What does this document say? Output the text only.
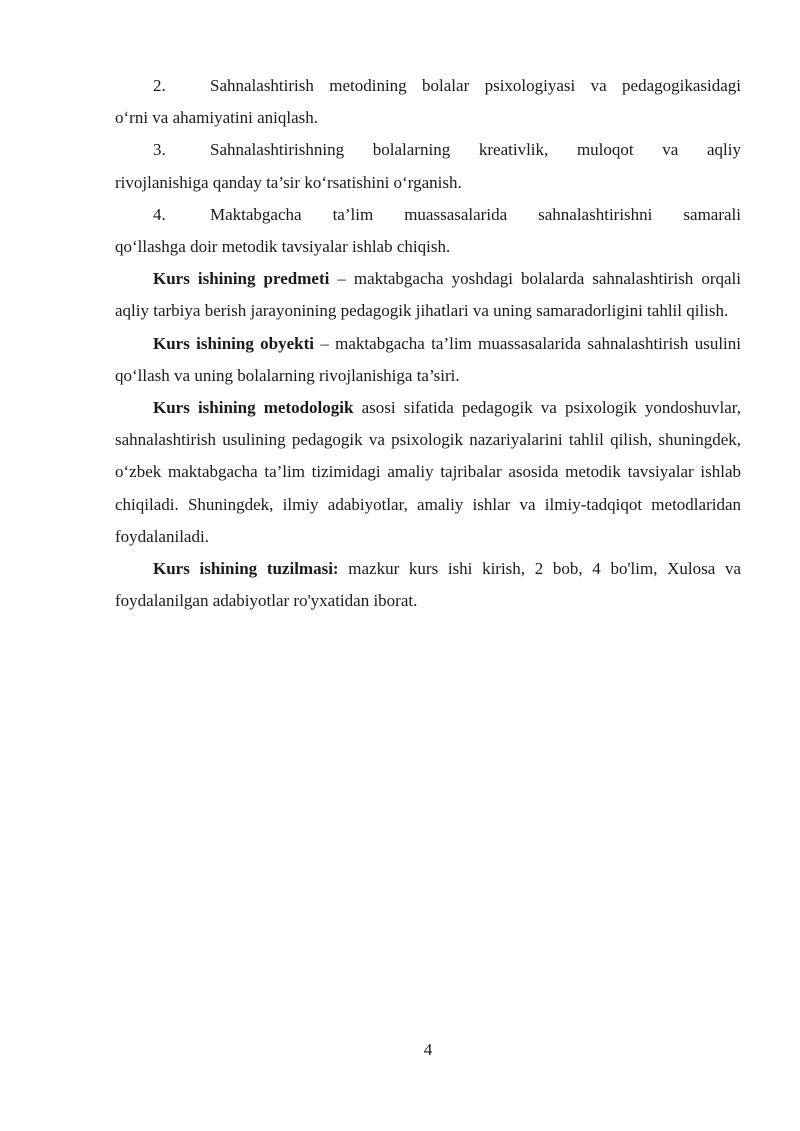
2.	Sahnalashtirish metodining bolalar psixologiyasi va pedagogikasidagi
o‘rni va ahamiyatini aniqlash.
3.	Sahnalashtirishning bolalarning kreativlik, muloqot va aqliy
rivojlanishiga qanday ta’sir ko‘rsatishini o‘rganish.
4.	Maktabgacha ta’lim muassasalarida sahnalashtirishni samarali
qo‘llashga doir metodik tavsiyalar ishlab chiqish.

Kurs ishining predmeti – maktabgacha yoshdagi bolalarda sahnalashtirish orqali aqliy tarbiya berish jarayonining pedagogik jihatlari va uning samaradorligini tahlil qilish.

Kurs ishining obyekti – maktabgacha ta’lim muassasalarida sahnalashtirish usulini qo‘llash va uning bolalarning rivojlanishiga ta’siri.

Kurs ishining metodologik asosi sifatida pedagogik va psixologik yondoshuvlar, sahnalashtirish usulining pedagogik va psixologik nazariyalarini tahlil qilish, shuningdek, o‘zbek maktabgacha ta’lim tizimidagi amaliy tajribalar asosida metodik tavsiyalar ishlab chiqiladi. Shuningdek, ilmiy adabiyotlar, amaliy ishlar va ilmiy-tadqiqot metodlaridan foydalaniladi.

Kurs ishining tuzilmasi: mazkur kurs ishi kirish, 2 bob, 4 bo'lim, Xulosa va foydalanilgan adabiyotlar ro'yxatidan iborat.

4
